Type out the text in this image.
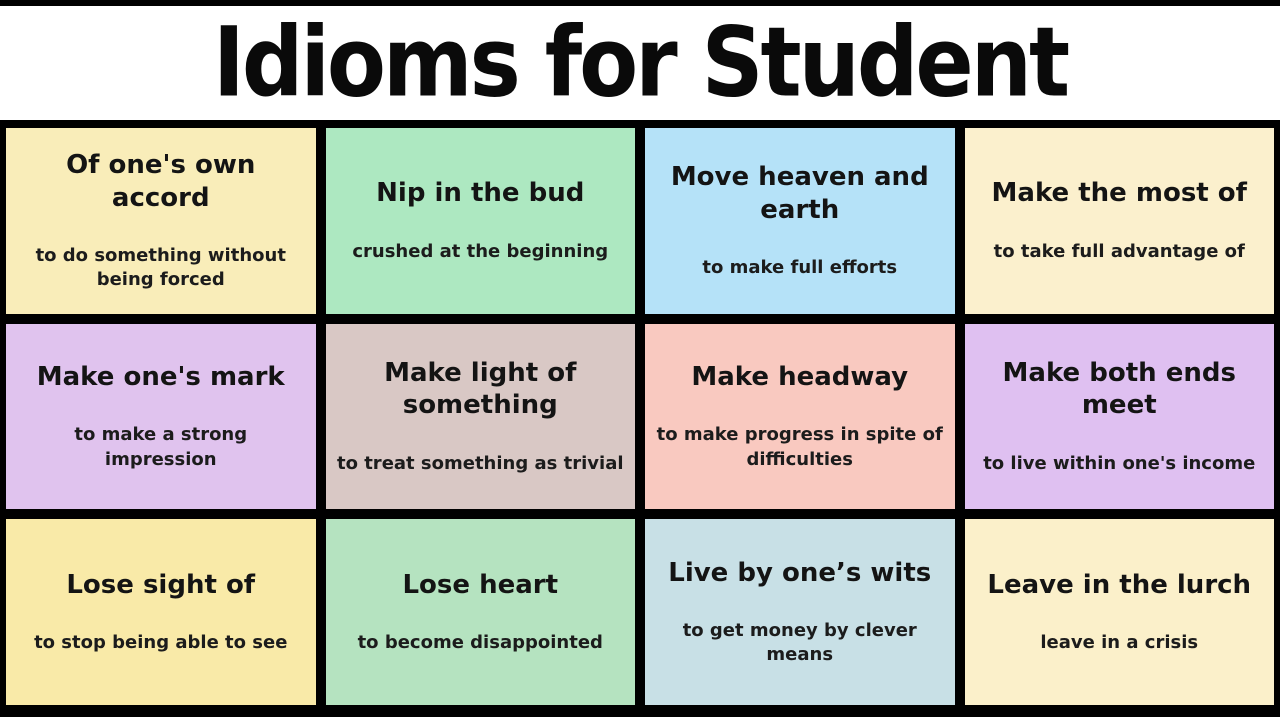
Idioms for Student
Of one's own accord
to do something without being forced
Nip in the bud
crushed at the beginning
Move heaven and earth
to make full efforts
Make the most of
to take full advantage of
Make one's mark
to make a strong impression
Make light of something
to treat something as trivial
Make headway
to make progress in spite of difficulties
Make both ends meet
to live within one's income
Lose sight of
to stop being able to see
Lose heart
to become disappointed
Live by one’s wits
to get money by clever means
Leave in the lurch
leave in a crisis
